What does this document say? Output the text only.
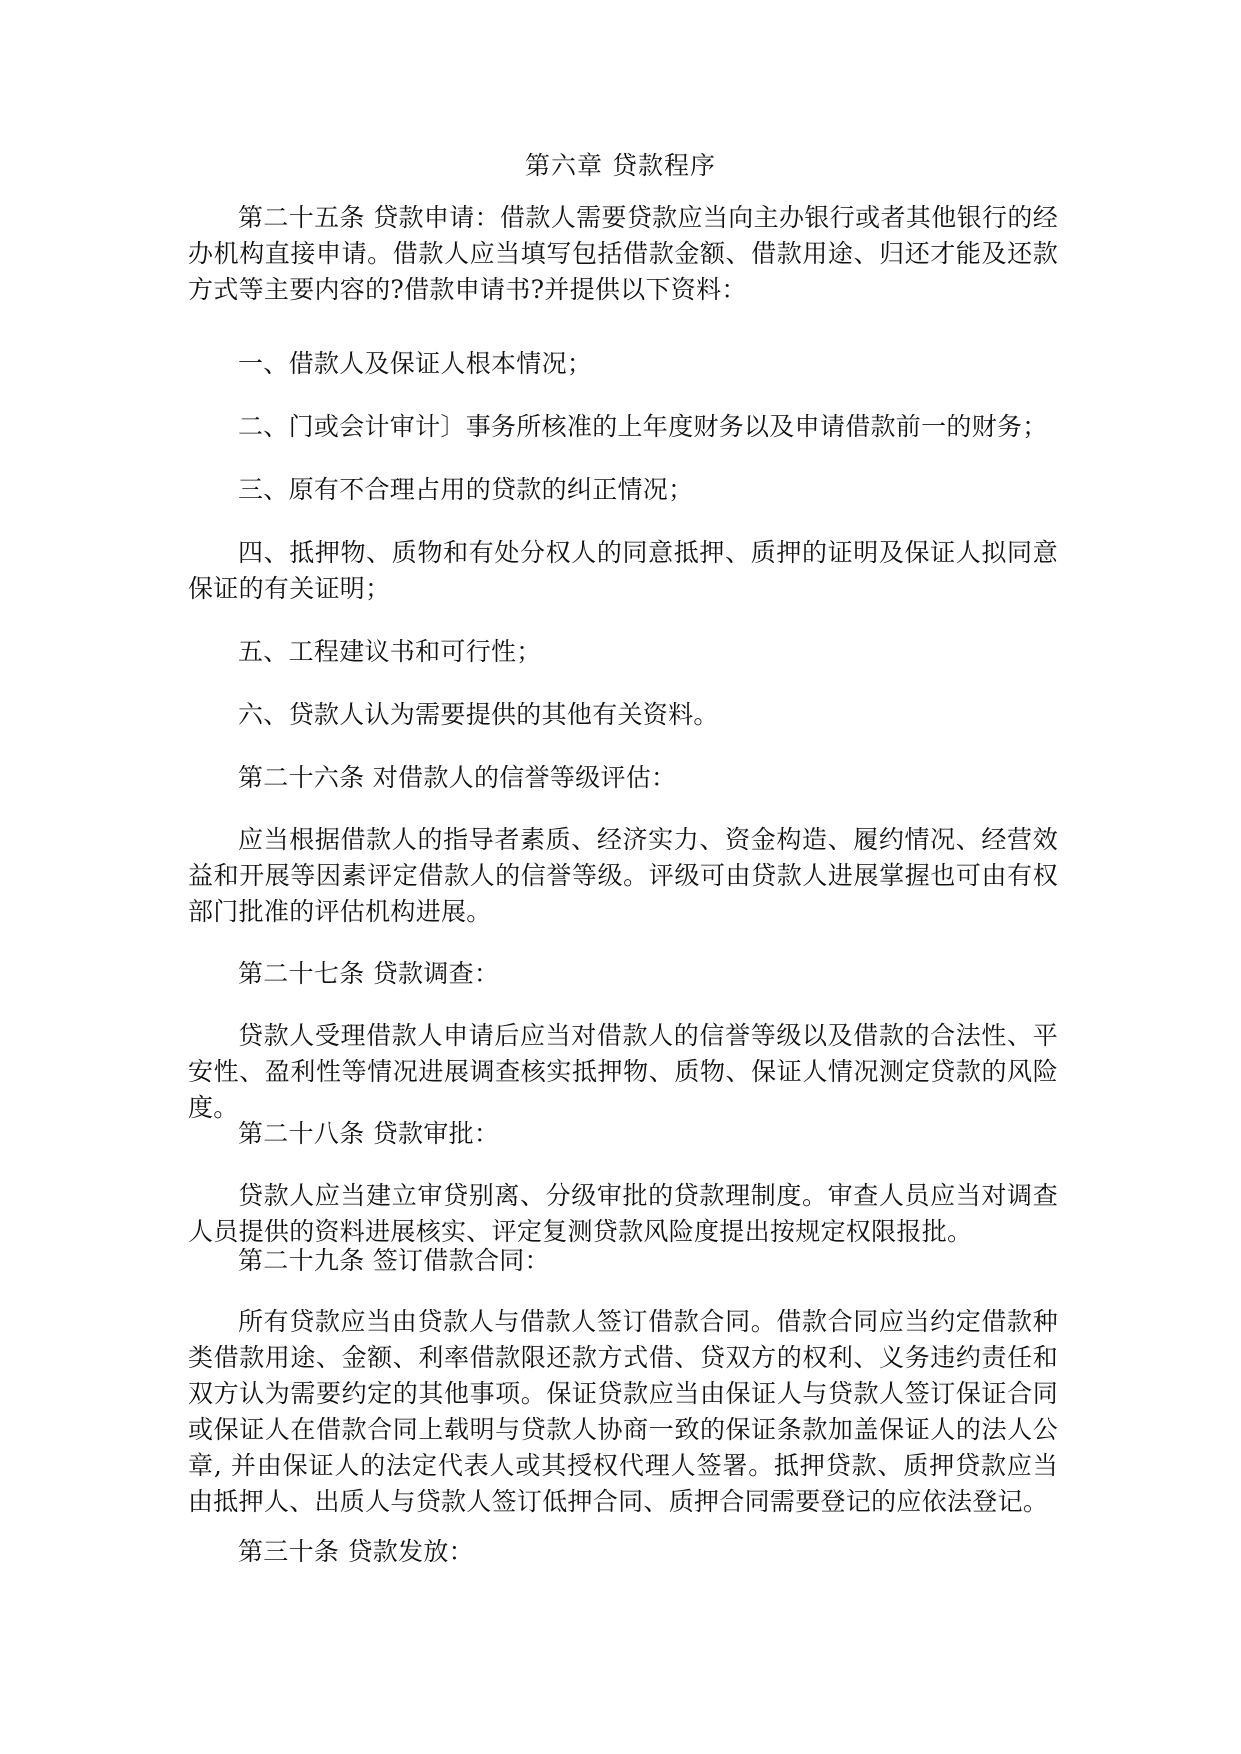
第六章 贷款程序

第二十五条 贷款申请：借款人需要贷款应当向主办银行或者其他银行的经办机构直接申请。借款人应当填写包括借款金额、借款用途、归还才能及还款方式等主要内容的?借款申请书?并提供以下资料：

一、借款人及保证人根本情况；

二、门或会计审计〕事务所核准的上年度财务以及申请借款前一的财务；

三、原有不合理占用的贷款的纠正情况；

四、抵押物、质物和有处分权人的同意抵押、质押的证明及保证人拟同意保证的有关证明；

五、工程建议书和可行性；

六、贷款人认为需要提供的其他有关资料。

第二十六条 对借款人的信誉等级评估：

应当根据借款人的指导者素质、经济实力、资金构造、履约情况、经营效益和开展等因素评定借款人的信誉等级。评级可由贷款人进展掌握也可由有权部门批准的评估机构进展。

第二十七条 贷款调查：

贷款人受理借款人申请后应当对借款人的信誉等级以及借款的合法性、平安性、盈利性等情况进展调查核实抵押物、质物、保证人情况测定贷款的风险度。

第二十八条 贷款审批：

贷款人应当建立审贷别离、分级审批的贷款理制度。审查人员应当对调查人员提供的资料进展核实、评定复测贷款风险度提出按规定权限报批。

第二十九条 签订借款合同：

所有贷款应当由贷款人与借款人签订借款合同。借款合同应当约定借款种类借款用途、金额、利率借款限还款方式借、贷双方的权利、义务违约责任和双方认为需要约定的其他事项。保证贷款应当由保证人与贷款人签订保证合同或保证人在借款合同上载明与贷款人协商一致的保证条款加盖保证人的法人公章, 并由保证人的法定代表人或其授权代理人签署。抵押贷款、质押贷款应当由抵押人、出质人与贷款人签订低押合同、质押合同需要登记的应依法登记。

第三十条 贷款发放：
